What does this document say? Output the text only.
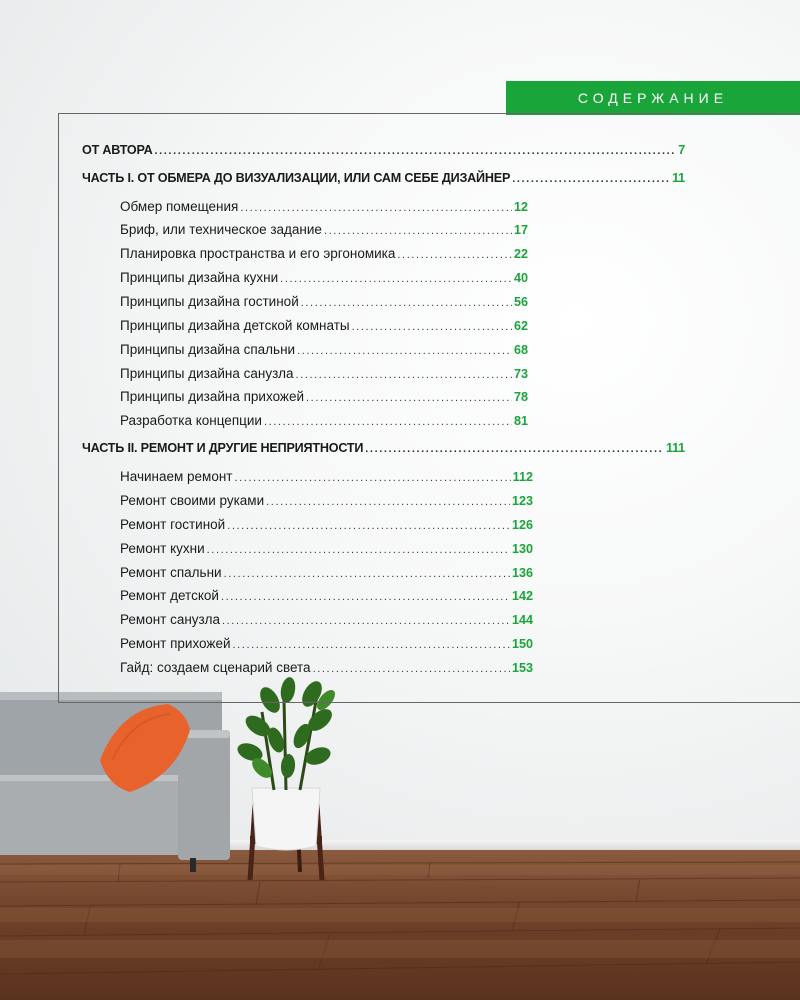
СОДЕРЖАНИЕ
ОТ АВТОРА .....	7
ЧАСТЬ I. ОТ ОБМЕРА ДО ВИЗУАЛИЗАЦИИ, ИЛИ САМ СЕБЕ ДИЗАЙНЕР .....	11
Обмер помещения .....	12
Бриф, или техническое задание .....	17
Планировка пространства и его эргономика .....	22
Принципы дизайна кухни .....	40
Принципы дизайна гостиной .....	56
Принципы дизайна детской комнаты .....	62
Принципы дизайна спальни .....	68
Принципы дизайна санузла .....	73
Принципы дизайна прихожей .....	78
Разработка концепции .....	81
ЧАСТЬ II. РЕМОНТ И ДРУГИЕ НЕПРИЯТНОСТИ .....	111
Начинаем ремонт .....	112
Ремонт своими руками .....	123
Ремонт гостиной .....	126
Ремонт кухни .....	130
Ремонт спальни .....	136
Ремонт детской .....	142
Ремонт санузла .....	144
Ремонт прихожей .....	150
Гайд: создаем сценарий света .....	153
